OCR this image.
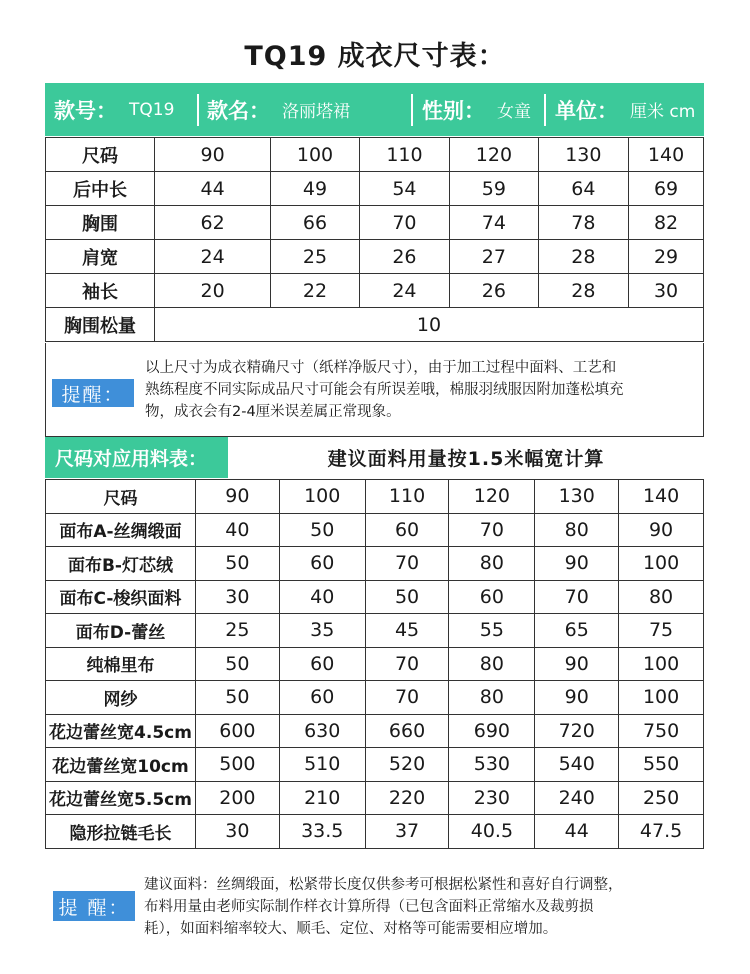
TQ19 成衣尺寸表：
款号： TQ19 款名： 洛丽塔裙	性别： 女童 单位： 厘米 cm
尺码	90	100	110	120	130	140
后中长	44	49	54	59	64	69
胸围	62	66	70	74	78	82
肩宽	24	25	26	27	28	29
袖长	20	22	24	26	28	30
胸围松量	10					
提醒：
以上尺寸为成衣精确尺寸（纸样净版尺寸），由于加工过程中面料、工艺和
熟练程度不同实际成品尺寸可能会有所误差哦，棉服羽绒服因附加蓬松填充
物，成衣会有2-4厘米误差属正常现象。
尺码对应用料表：	建议面料用量按1.5米幅宽计算
尺码	90	100	110	120	130	140
面布A-丝绸缎面	40	50	60	70	80	90
面布B-灯芯绒	50	60	70	80	90	100
面布C-梭织面料	30	40	50	60	70	80
面布D-蕾丝	25	35	45	55	65	75
纯棉里布	50	60	70	80	90	100
网纱	50	60	70	80	90	100
花边蕾丝宽4.5cm	600	630	660	690	720	750
花边蕾丝宽10cm	500	510	520	530	540	550
花边蕾丝宽5.5cm	200	210	220	230	240	250
隐形拉链毛长	30	33.5	37	40.5	44	47.5
提 醒：
建议面料：丝绸缎面，松紧带长度仅供参考可根据松紧性和喜好自行调整，
布料用量由老师实际制作样衣计算所得（已包含面料正常缩水及裁剪损
耗），如面料缩率较大、顺毛、定位、对格等可能需要相应增加。
